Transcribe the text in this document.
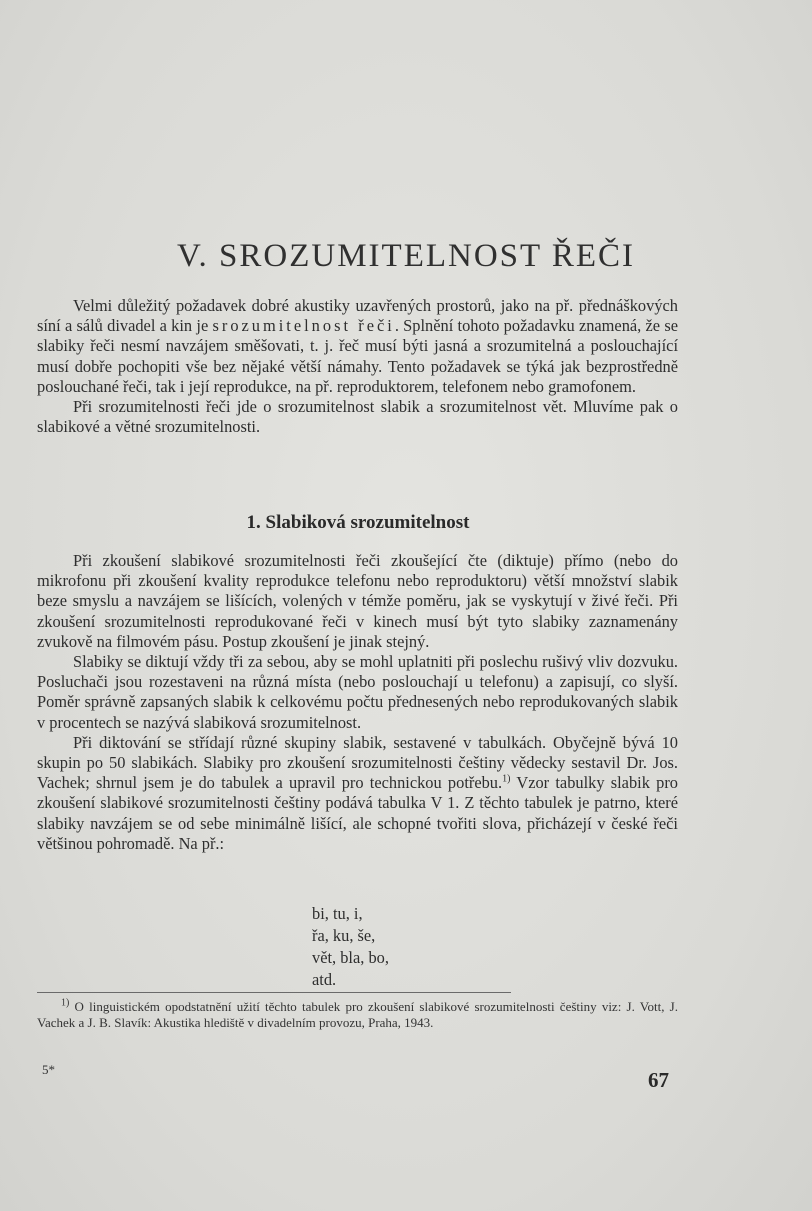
V. SROZUMITELNOST ŘEČI

Velmi důležitý požadavek dobré akustiky uzavřených prostorů, jako na př. přednáškových síní a sálů divadel a kin je srozumitelnost řeči. Splnění tohoto požadavku znamená, že se slabiky řeči nesmí navzájem směšovati, t. j. řeč musí býti jasná a srozumitelná a poslouchající musí dobře pochopiti vše bez nějaké větší námahy. Tento požadavek se týká jak bezprostředně poslouchané řeči, tak i její reprodukce, na př. reproduktorem, telefonem nebo gramofonem.

Při srozumitelnosti řeči jde o srozumitelnost slabik a srozumitelnost vět. Mluvíme pak o slabikové a větné srozumitelnosti.

1. Slabiková srozumitelnost

Při zkoušení slabikové srozumitelnosti řeči zkoušející čte (diktuje) přímo (nebo do mikrofonu při zkoušení kvality reprodukce telefonu nebo reproduktoru) větší množství slabik beze smyslu a navzájem se lišících, volených v témže poměru, jak se vyskytují v živé řeči. Při zkoušení srozumitelnosti reprodukované řeči v kinech musí být tyto slabiky zaznamenány zvukově na filmovém pásu. Postup zkoušení je jinak stejný.

Slabiky se diktují vždy tři za sebou, aby se mohl uplatniti při poslechu rušivý vliv dozvuku. Posluchači jsou rozestaveni na různá místa (nebo poslouchají u telefonu) a zapisují, co slyší. Poměr správně zapsaných slabik k celkovému počtu přednesených nebo reprodukovaných slabik v procentech se nazývá slabiková srozumitelnost.

Při diktování se střídají různé skupiny slabik, sestavené v tabulkách. Obyčejně bývá 10 skupin po 50 slabikách. Slabiky pro zkoušení srozumitelnosti češtiny vědecky sestavil Dr. Jos. Vachek; shrnul jsem je do tabulek a upravil pro technickou potřebu.$^{1)}$ Vzor tabulky slabik pro zkoušení slabikové srozumitelnosti češtiny podává tabulka V 1. Z těchto tabulek je patrno, které slabiky navzájem se od sebe minimálně lišící, ale schopné tvořiti slova, přicházejí v české řeči většinou pohromadě. Na př.:

bi, tu, i,
řa, ku, še,
vět, bla, bo,
atd.
$^{1)}$ O linguistickém opodstatnění užití těchto tabulek pro zkoušení slabikové srozumitelnosti češtiny viz: J. Vott, J. Vachek a J. B. Slavík: Akustika hlediště v divadelním provozu, Praha, 1943.
5*	67
